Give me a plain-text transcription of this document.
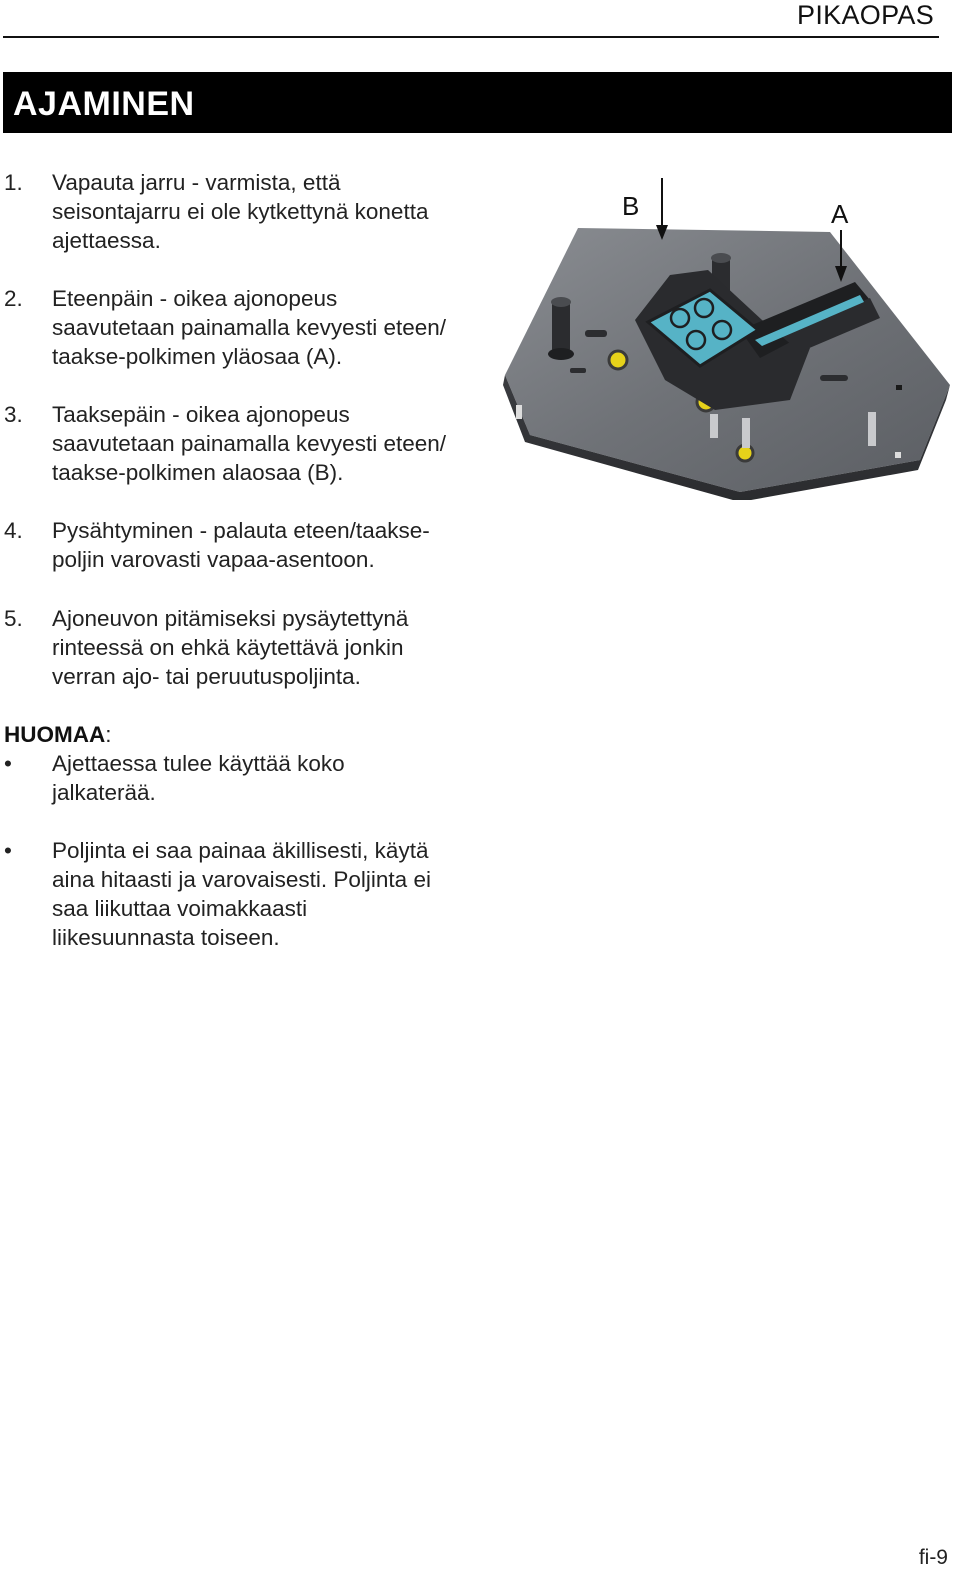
PIKAOPAS
AJAMINEN
1. Vapauta jarru - varmista, että seisontajarru ei ole kytkettynä konetta ajettaessa.
2. Eteenpäin - oikea ajonopeus saavutetaan painamalla kevyesti eteen/ taakse-polkimen yläosaa (A).
3. Taaksepäin - oikea ajonopeus saavutetaan painamalla kevyesti eteen/ taakse-polkimen alaosaa (B).
4. Pysähtyminen - palauta eteen/taakse- poljin varovasti vapaa-asentoon.
5. Ajoneuvon pitämiseksi pysäytettynä rinteessä on ehkä käytettävä jonkin verran ajo- tai peruutuspoljinta.
HUOMAA:
• Ajettaessa tulee käyttää koko jalkaterää.
• Poljinta ei saa painaa äkillisesti, käytä aina hitaasti ja varovaisesti. Poljinta ei saa liikuttaa voimakkaasti liikesuunnasta toiseen.
B	A
fi-9
